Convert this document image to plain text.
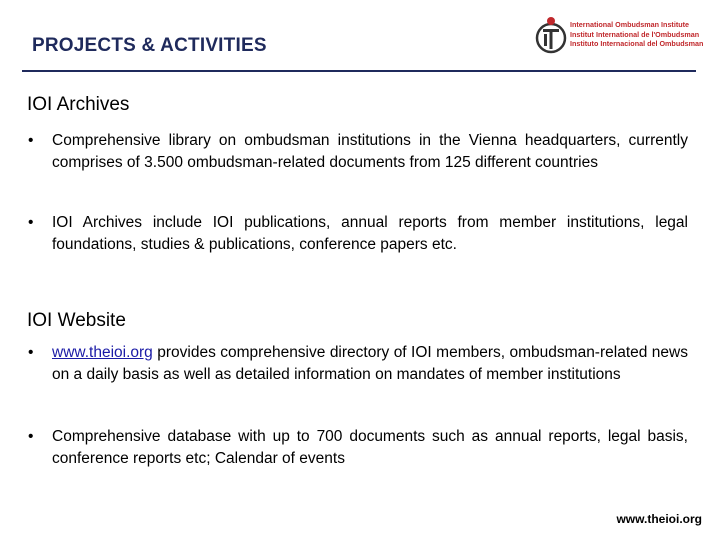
PROJECTS & ACTIVITIES
International Ombudsman Institute
Institut International de l'Ombudsman
Instituto Internacional del Ombudsman
IOI Archives
• Comprehensive library on ombudsman institutions in the Vienna headquarters, currently comprises of 3.500 ombudsman-related documents from 125 different countries
• IOI Archives include IOI publications, annual reports from member institutions, legal foundations, studies & publications, conference papers etc.
IOI Website
• www.theioi.org provides comprehensive directory of IOI members, ombudsman-related news on a daily basis as well as detailed information on mandates of member institutions
• Comprehensive database with up to 700 documents such as annual reports, legal basis, conference reports etc; Calendar of events
www.theioi.org
